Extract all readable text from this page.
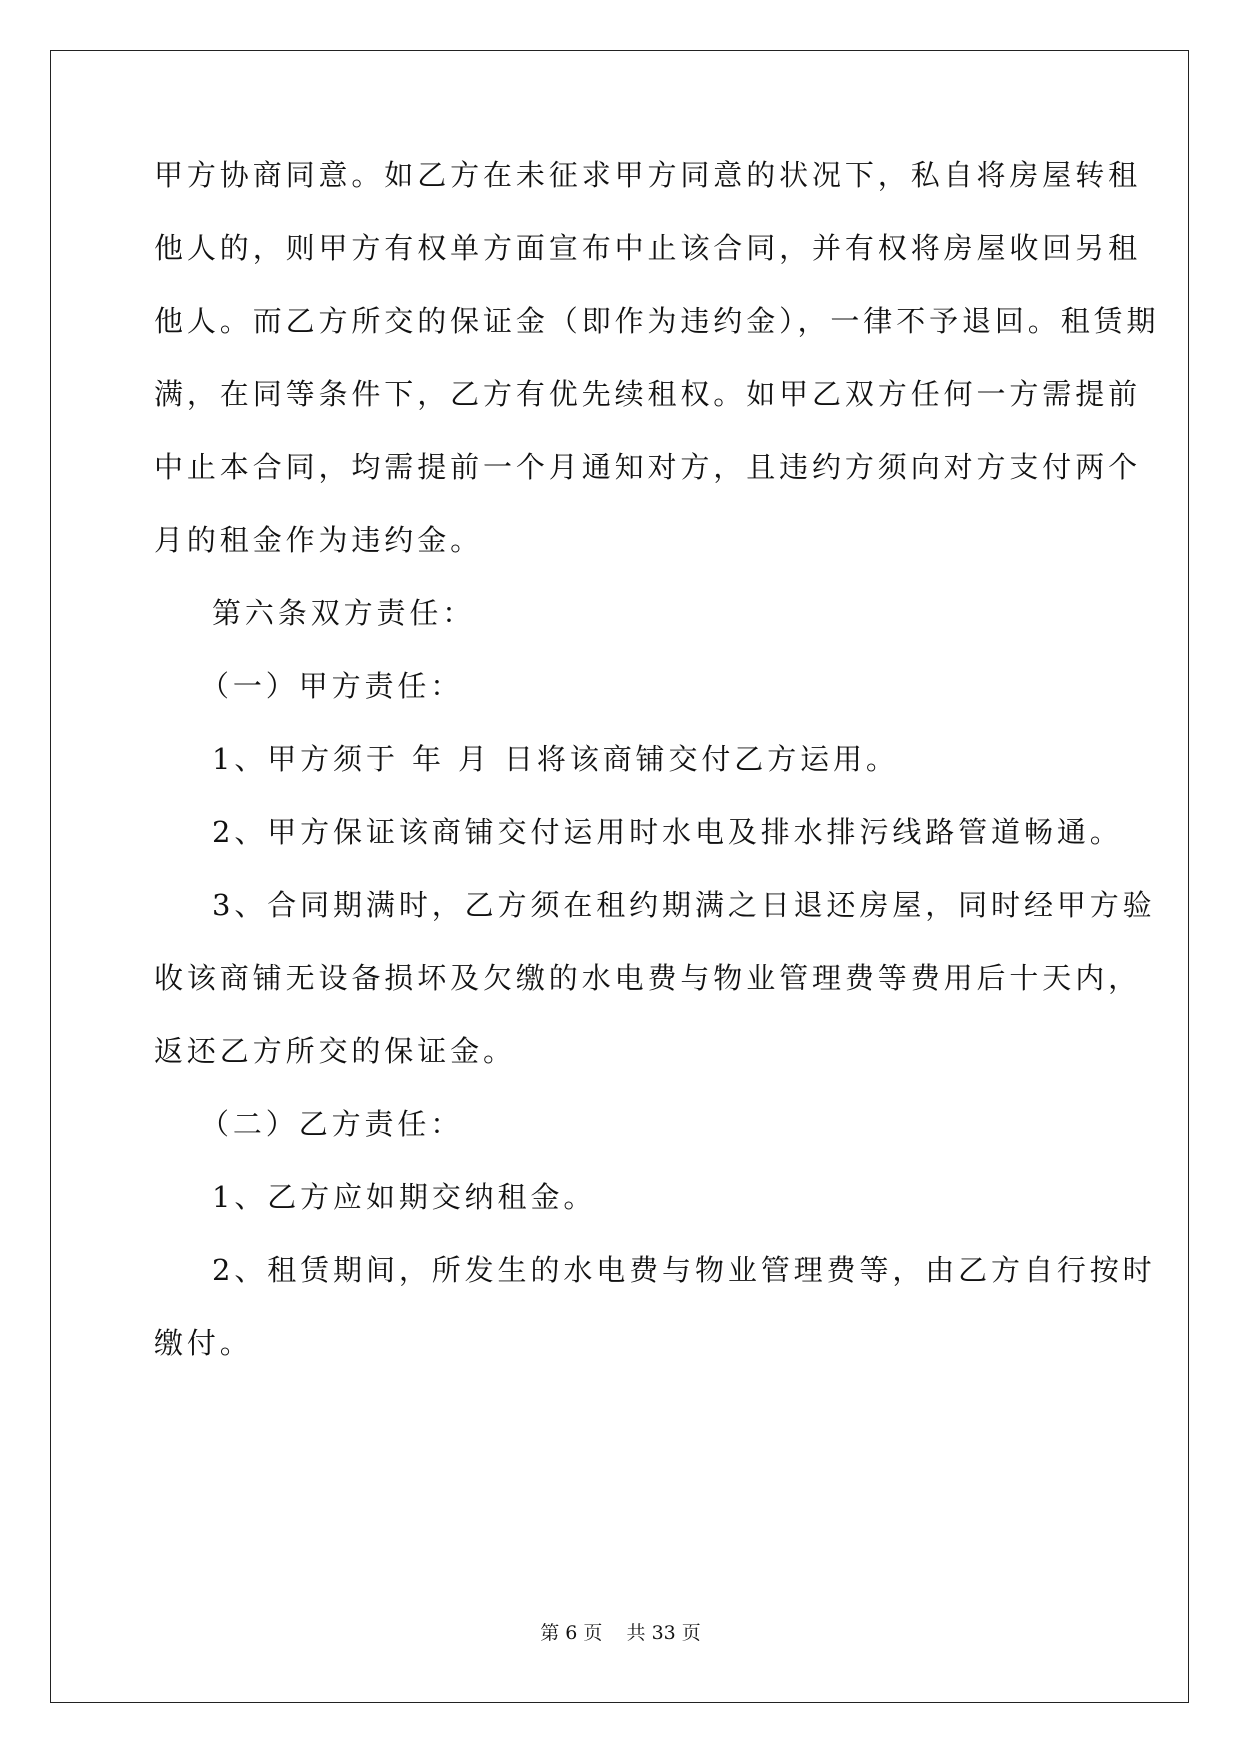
甲方协商同意。如乙方在未征求甲方同意的状况下，私自将房屋转租
他人的，则甲方有权单方面宣布中止该合同，并有权将房屋收回另租
他人。而乙方所交的保证金（即作为违约金），一律不予退回。租赁期
满，在同等条件下，乙方有优先续租权。如甲乙双方任何一方需提前
中止本合同，均需提前一个月通知对方，且违约方须向对方支付两个
月的租金作为违约金。
第六条双方责任：
（一）甲方责任：
1、甲方须于 年 月 日将该商铺交付乙方运用。
2、甲方保证该商铺交付运用时水电及排水排污线路管道畅通。
3、合同期满时，乙方须在租约期满之日退还房屋，同时经甲方验
收该商铺无设备损坏及欠缴的水电费与物业管理费等费用后十天内，
返还乙方所交的保证金。
（二）乙方责任：
1、乙方应如期交纳租金。
2、租赁期间，所发生的水电费与物业管理费等，由乙方自行按时
缴付。
第 6 页    共 33 页
